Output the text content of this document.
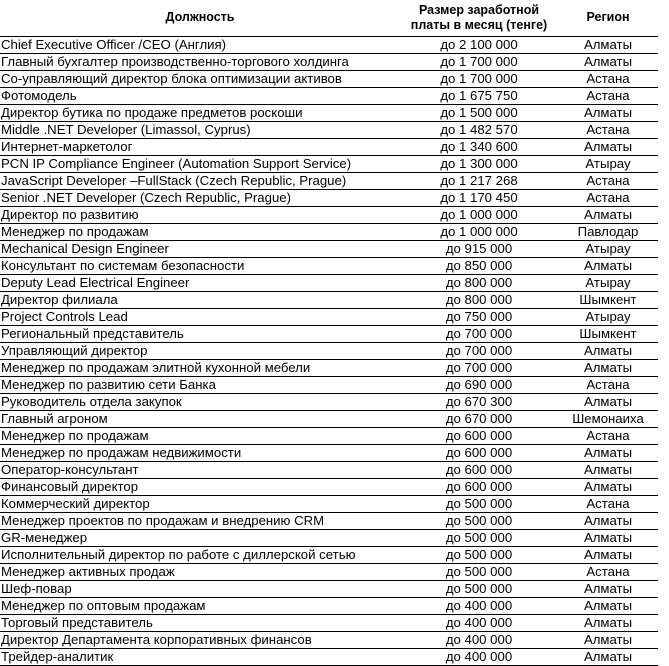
Должность	Размер заработной платы в месяц (тенге)	Регион
Chief Executive Officer /CEO (Англия)	до 2 100 000	Алматы
Главный бухгалтер производственно-торгового холдинга	до 1 700 000	Алматы
Со-управляющий директор блока оптимизации активов	до 1 700 000	Астана
Фотомодель	до 1 675 750	Астана
Директор бутика по продаже предметов роскоши	до 1 500 000	Алматы
Middle .NET Developer (Limassol, Cyprus)	до 1 482 570	Астана
Интернет-маркетолог	до 1 340 600	Алматы
PCN IP Compliance Engineer (Automation Support Service)	до 1 300 000	Атырау
JavaScript Developer –FullStack (Czech Republic, Prague)	до 1 217 268	Астана
Senior .NET Developer (Czech Republic, Prague)	до 1 170 450	Астана
Директор по развитию	до 1 000 000	Алматы
Менеджер по продажам	до 1 000 000	Павлодар
Mechanical Design Engineer	до 915 000	Атырау
Консультант по системам безопасности	до 850 000	Алматы
Deputy Lead Electrical Engineer	до 800 000	Атырау
Директор филиала	до 800 000	Шымкент
Project Controls Lead	до 750 000	Атырау
Региональный представитель	до 700 000	Шымкент
Управляющий директор	до 700 000	Алматы
Менеджер по продажам элитной кухонной мебели	до 700 000	Алматы
Менеджер по развитию сети Банка	до 690 000	Астана
Руководитель отдела закупок	до 670 300	Алматы
Главный агроном	до 670 000	Шемонаиха
Менеджер по продажам	до 600 000	Астана
Менеджер по продажам недвижимости	до 600 000	Алматы
Оператор-консультант	до 600 000	Алматы
Финансовый директор	до 600 000	Алматы
Коммерческий директор	до 500 000	Астана
Менеджер проектов по продажам и внедрению CRM	до 500 000	Алматы
GR-менеджер	до 500 000	Алматы
Исполнительный директор по работе с диллерской сетью	до 500 000	Алматы
Менеджер активных продаж	до 500 000	Астана
Шеф-повар	до 500 000	Алматы
Менеджер по оптовым продажам	до 400 000	Алматы
Торговый представитель	до 400 000	Алматы
Директор Департамента корпоративных финансов	до 400 000	Алматы
Трейдер-аналитик	до 400 000	Алматы
